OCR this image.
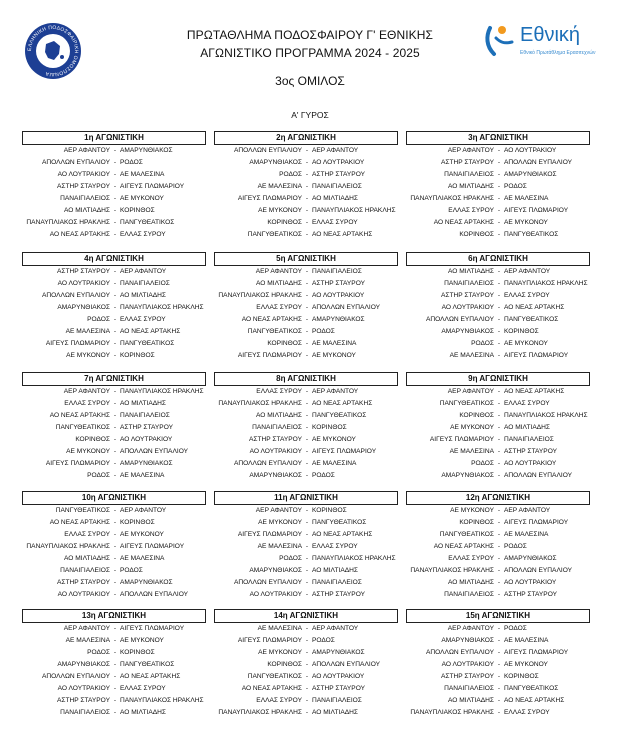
ΕΛΛΗΝΙΚΗ ΠΟΔΟΣΦΑΙΡΙΚΗ ΟΜΟΣΠΟΝΔΙΑ
ΠΡΩΤΑΘΛΗΜΑ ΠΟΔΟΣΦΑΙΡΟΥ Γ' ΕΘΝΙΚΗΣ
ΑΓΩΝΙΣΤΙΚΟ ΠΡΟΓΡΑΜΜΑ 2024 - 2025
Εθνική
Εθνικό Πρωτάθλημα Ερασιτεχνών
3ος ΟΜΙΛΟΣ
Α' ΓΥΡΟΣ
1η ΑΓΩΝΙΣΤΙΚΗ
ΑΕΡ ΑΦΑΝΤΟΥ - ΑΜΑΡΥΝΘΙΑΚΟΣ
ΑΠΟΛΛΩΝ ΕΥΠΑΛΙΟΥ - ΡΟΔΟΣ
ΑΟ ΛΟΥΤΡΑΚΙΟΥ - ΑΕ ΜΑΛΕΣΙΝΑ
ΑΣΤΗΡ ΣΤΑΥΡΟΥ - ΑΙΓΕΥΣ ΠΛΩΜΑΡΙΟΥ
ΠΑΝΑΙΓΙΑΛΕΙΟΣ - ΑΕ ΜΥΚΟΝΟΥ
ΑΟ ΜΙΛΤΙΑΔΗΣ - ΚΟΡΙΝΘΟΣ
ΠΑΝΑΥΠΛΙΑΚΟΣ ΗΡΑΚΛΗΣ - ΠΑΝΓΥΘΕΑΤΙΚΟΣ
ΑΟ ΝΕΑΣ ΑΡΤΑΚΗΣ - ΕΛΛΑΣ ΣΥΡΟΥ
2η ΑΓΩΝΙΣΤΙΚΗ
ΑΠΟΛΛΩΝ ΕΥΠΑΛΙΟΥ - ΑΕΡ ΑΦΑΝΤΟΥ
ΑΜΑΡΥΝΘΙΑΚΟΣ - ΑΟ ΛΟΥΤΡΑΚΙΟΥ
ΡΟΔΟΣ - ΑΣΤΗΡ ΣΤΑΥΡΟΥ
ΑΕ ΜΑΛΕΣΙΝΑ - ΠΑΝΑΙΓΙΑΛΕΙΟΣ
ΑΙΓΕΥΣ ΠΛΩΜΑΡΙΟΥ - ΑΟ ΜΙΛΤΙΑΔΗΣ
ΑΕ ΜΥΚΟΝΟΥ - ΠΑΝΑΥΠΛΙΑΚΟΣ ΗΡΑΚΛΗΣ
ΚΟΡΙΝΘΟΣ - ΕΛΛΑΣ ΣΥΡΟΥ
ΠΑΝΓΥΘΕΑΤΙΚΟΣ - ΑΟ ΝΕΑΣ ΑΡΤΑΚΗΣ
3η ΑΓΩΝΙΣΤΙΚΗ
ΑΕΡ ΑΦΑΝΤΟΥ - ΑΟ ΛΟΥΤΡΑΚΙΟΥ
ΑΣΤΗΡ ΣΤΑΥΡΟΥ - ΑΠΟΛΛΩΝ ΕΥΠΑΛΙΟΥ
ΠΑΝΑΙΓΙΑΛΕΙΟΣ - ΑΜΑΡΥΝΘΙΑΚΟΣ
ΑΟ ΜΙΛΤΙΑΔΗΣ - ΡΟΔΟΣ
ΠΑΝΑΥΠΛΙΑΚΟΣ ΗΡΑΚΛΗΣ - ΑΕ ΜΑΛΕΣΙΝΑ
ΕΛΛΑΣ ΣΥΡΟΥ - ΑΙΓΕΥΣ ΠΛΩΜΑΡΙΟΥ
ΑΟ ΝΕΑΣ ΑΡΤΑΚΗΣ - ΑΕ ΜΥΚΟΝΟΥ
ΚΟΡΙΝΘΟΣ - ΠΑΝΓΥΘΕΑΤΙΚΟΣ
4η ΑΓΩΝΙΣΤΙΚΗ
ΑΣΤΗΡ ΣΤΑΥΡΟΥ - ΑΕΡ ΑΦΑΝΤΟΥ
ΑΟ ΛΟΥΤΡΑΚΙΟΥ - ΠΑΝΑΙΓΙΑΛΕΙΟΣ
ΑΠΟΛΛΩΝ ΕΥΠΑΛΙΟΥ - ΑΟ ΜΙΛΤΙΑΔΗΣ
ΑΜΑΡΥΝΘΙΑΚΟΣ - ΠΑΝΑΥΠΛΙΑΚΟΣ ΗΡΑΚΛΗΣ
ΡΟΔΟΣ - ΕΛΛΑΣ ΣΥΡΟΥ
ΑΕ ΜΑΛΕΣΙΝΑ - ΑΟ ΝΕΑΣ ΑΡΤΑΚΗΣ
ΑΙΓΕΥΣ ΠΛΩΜΑΡΙΟΥ - ΠΑΝΓΥΘΕΑΤΙΚΟΣ
ΑΕ ΜΥΚΟΝΟΥ - ΚΟΡΙΝΘΟΣ
5η ΑΓΩΝΙΣΤΙΚΗ
ΑΕΡ ΑΦΑΝΤΟΥ - ΠΑΝΑΙΓΙΑΛΕΙΟΣ
ΑΟ ΜΙΛΤΙΑΔΗΣ - ΑΣΤΗΡ ΣΤΑΥΡΟΥ
ΠΑΝΑΥΠΛΙΑΚΟΣ ΗΡΑΚΛΗΣ - ΑΟ ΛΟΥΤΡΑΚΙΟΥ
ΕΛΛΑΣ ΣΥΡΟΥ - ΑΠΟΛΛΩΝ ΕΥΠΑΛΙΟΥ
ΑΟ ΝΕΑΣ ΑΡΤΑΚΗΣ - ΑΜΑΡΥΝΘΙΑΚΟΣ
ΠΑΝΓΥΘΕΑΤΙΚΟΣ - ΡΟΔΟΣ
ΚΟΡΙΝΘΟΣ - ΑΕ ΜΑΛΕΣΙΝΑ
ΑΙΓΕΥΣ ΠΛΩΜΑΡΙΟΥ - ΑΕ ΜΥΚΟΝΟΥ
6η ΑΓΩΝΙΣΤΙΚΗ
ΑΟ ΜΙΛΤΙΑΔΗΣ - ΑΕΡ ΑΦΑΝΤΟΥ
ΠΑΝΑΙΓΙΑΛΕΙΟΣ - ΠΑΝΑΥΠΛΙΑΚΟΣ ΗΡΑΚΛΗΣ
ΑΣΤΗΡ ΣΤΑΥΡΟΥ - ΕΛΛΑΣ ΣΥΡΟΥ
ΑΟ ΛΟΥΤΡΑΚΙΟΥ - ΑΟ ΝΕΑΣ ΑΡΤΑΚΗΣ
ΑΠΟΛΛΩΝ ΕΥΠΑΛΙΟΥ - ΠΑΝΓΥΘΕΑΤΙΚΟΣ
ΑΜΑΡΥΝΘΙΑΚΟΣ - ΚΟΡΙΝΘΟΣ
ΡΟΔΟΣ - ΑΕ ΜΥΚΟΝΟΥ
ΑΕ ΜΑΛΕΣΙΝΑ - ΑΙΓΕΥΣ ΠΛΩΜΑΡΙΟΥ
7η ΑΓΩΝΙΣΤΙΚΗ
ΑΕΡ ΑΦΑΝΤΟΥ - ΠΑΝΑΥΠΛΙΑΚΟΣ ΗΡΑΚΛΗΣ
ΕΛΛΑΣ ΣΥΡΟΥ - ΑΟ ΜΙΛΤΙΑΔΗΣ
ΑΟ ΝΕΑΣ ΑΡΤΑΚΗΣ - ΠΑΝΑΙΓΙΑΛΕΙΟΣ
ΠΑΝΓΥΘΕΑΤΙΚΟΣ - ΑΣΤΗΡ ΣΤΑΥΡΟΥ
ΚΟΡΙΝΘΟΣ - ΑΟ ΛΟΥΤΡΑΚΙΟΥ
ΑΕ ΜΥΚΟΝΟΥ - ΑΠΟΛΛΩΝ ΕΥΠΑΛΙΟΥ
ΑΙΓΕΥΣ ΠΛΩΜΑΡΙΟΥ - ΑΜΑΡΥΝΘΙΑΚΟΣ
ΡΟΔΟΣ - ΑΕ ΜΑΛΕΣΙΝΑ
8η ΑΓΩΝΙΣΤΙΚΗ
ΕΛΛΑΣ ΣΥΡΟΥ - ΑΕΡ ΑΦΑΝΤΟΥ
ΠΑΝΑΥΠΛΙΑΚΟΣ ΗΡΑΚΛΗΣ - ΑΟ ΝΕΑΣ ΑΡΤΑΚΗΣ
ΑΟ ΜΙΛΤΙΑΔΗΣ - ΠΑΝΓΥΘΕΑΤΙΚΟΣ
ΠΑΝΑΙΓΙΑΛΕΙΟΣ - ΚΟΡΙΝΘΟΣ
ΑΣΤΗΡ ΣΤΑΥΡΟΥ - ΑΕ ΜΥΚΟΝΟΥ
ΑΟ ΛΟΥΤΡΑΚΙΟΥ - ΑΙΓΕΥΣ ΠΛΩΜΑΡΙΟΥ
ΑΠΟΛΛΩΝ ΕΥΠΑΛΙΟΥ - ΑΕ ΜΑΛΕΣΙΝΑ
ΑΜΑΡΥΝΘΙΑΚΟΣ - ΡΟΔΟΣ
9η ΑΓΩΝΙΣΤΙΚΗ
ΑΕΡ ΑΦΑΝΤΟΥ - ΑΟ ΝΕΑΣ ΑΡΤΑΚΗΣ
ΠΑΝΓΥΘΕΑΤΙΚΟΣ - ΕΛΛΑΣ ΣΥΡΟΥ
ΚΟΡΙΝΘΟΣ - ΠΑΝΑΥΠΛΙΑΚΟΣ ΗΡΑΚΛΗΣ
ΑΕ ΜΥΚΟΝΟΥ - ΑΟ ΜΙΛΤΙΑΔΗΣ
ΑΙΓΕΥΣ ΠΛΩΜΑΡΙΟΥ - ΠΑΝΑΙΓΙΑΛΕΙΟΣ
ΑΕ ΜΑΛΕΣΙΝΑ - ΑΣΤΗΡ ΣΤΑΥΡΟΥ
ΡΟΔΟΣ - ΑΟ ΛΟΥΤΡΑΚΙΟΥ
ΑΜΑΡΥΝΘΙΑΚΟΣ - ΑΠΟΛΛΩΝ ΕΥΠΑΛΙΟΥ
10η ΑΓΩΝΙΣΤΙΚΗ
ΠΑΝΓΥΘΕΑΤΙΚΟΣ - ΑΕΡ ΑΦΑΝΤΟΥ
ΑΟ ΝΕΑΣ ΑΡΤΑΚΗΣ - ΚΟΡΙΝΘΟΣ
ΕΛΛΑΣ ΣΥΡΟΥ - ΑΕ ΜΥΚΟΝΟΥ
ΠΑΝΑΥΠΛΙΑΚΟΣ ΗΡΑΚΛΗΣ - ΑΙΓΕΥΣ ΠΛΩΜΑΡΙΟΥ
ΑΟ ΜΙΛΤΙΑΔΗΣ - ΑΕ ΜΑΛΕΣΙΝΑ
ΠΑΝΑΙΓΙΑΛΕΙΟΣ - ΡΟΔΟΣ
ΑΣΤΗΡ ΣΤΑΥΡΟΥ - ΑΜΑΡΥΝΘΙΑΚΟΣ
ΑΟ ΛΟΥΤΡΑΚΙΟΥ - ΑΠΟΛΛΩΝ ΕΥΠΑΛΙΟΥ
11η ΑΓΩΝΙΣΤΙΚΗ
ΑΕΡ ΑΦΑΝΤΟΥ - ΚΟΡΙΝΘΟΣ
ΑΕ ΜΥΚΟΝΟΥ - ΠΑΝΓΥΘΕΑΤΙΚΟΣ
ΑΙΓΕΥΣ ΠΛΩΜΑΡΙΟΥ - ΑΟ ΝΕΑΣ ΑΡΤΑΚΗΣ
ΑΕ ΜΑΛΕΣΙΝΑ - ΕΛΛΑΣ ΣΥΡΟΥ
ΡΟΔΟΣ - ΠΑΝΑΥΠΛΙΑΚΟΣ ΗΡΑΚΛΗΣ
ΑΜΑΡΥΝΘΙΑΚΟΣ - ΑΟ ΜΙΛΤΙΑΔΗΣ
ΑΠΟΛΛΩΝ ΕΥΠΑΛΙΟΥ - ΠΑΝΑΙΓΙΑΛΕΙΟΣ
ΑΟ ΛΟΥΤΡΑΚΙΟΥ - ΑΣΤΗΡ ΣΤΑΥΡΟΥ
12η ΑΓΩΝΙΣΤΙΚΗ
ΑΕ ΜΥΚΟΝΟΥ - ΑΕΡ ΑΦΑΝΤΟΥ
ΚΟΡΙΝΘΟΣ - ΑΙΓΕΥΣ ΠΛΩΜΑΡΙΟΥ
ΠΑΝΓΥΘΕΑΤΙΚΟΣ - ΑΕ ΜΑΛΕΣΙΝΑ
ΑΟ ΝΕΑΣ ΑΡΤΑΚΗΣ - ΡΟΔΟΣ
ΕΛΛΑΣ ΣΥΡΟΥ - ΑΜΑΡΥΝΘΙΑΚΟΣ
ΠΑΝΑΥΠΛΙΑΚΟΣ ΗΡΑΚΛΗΣ - ΑΠΟΛΛΩΝ ΕΥΠΑΛΙΟΥ
ΑΟ ΜΙΛΤΙΑΔΗΣ - ΑΟ ΛΟΥΤΡΑΚΙΟΥ
ΠΑΝΑΙΓΙΑΛΕΙΟΣ - ΑΣΤΗΡ ΣΤΑΥΡΟΥ
13η ΑΓΩΝΙΣΤΙΚΗ
ΑΕΡ ΑΦΑΝΤΟΥ - ΑΙΓΕΥΣ ΠΛΩΜΑΡΙΟΥ
ΑΕ ΜΑΛΕΣΙΝΑ - ΑΕ ΜΥΚΟΝΟΥ
ΡΟΔΟΣ - ΚΟΡΙΝΘΟΣ
ΑΜΑΡΥΝΘΙΑΚΟΣ - ΠΑΝΓΥΘΕΑΤΙΚΟΣ
ΑΠΟΛΛΩΝ ΕΥΠΑΛΙΟΥ - ΑΟ ΝΕΑΣ ΑΡΤΑΚΗΣ
ΑΟ ΛΟΥΤΡΑΚΙΟΥ - ΕΛΛΑΣ ΣΥΡΟΥ
ΑΣΤΗΡ ΣΤΑΥΡΟΥ - ΠΑΝΑΥΠΛΙΑΚΟΣ ΗΡΑΚΛΗΣ
ΠΑΝΑΙΓΙΑΛΕΙΟΣ - ΑΟ ΜΙΛΤΙΑΔΗΣ
14η ΑΓΩΝΙΣΤΙΚΗ
ΑΕ ΜΑΛΕΣΙΝΑ - ΑΕΡ ΑΦΑΝΤΟΥ
ΑΙΓΕΥΣ ΠΛΩΜΑΡΙΟΥ - ΡΟΔΟΣ
ΑΕ ΜΥΚΟΝΟΥ - ΑΜΑΡΥΝΘΙΑΚΟΣ
ΚΟΡΙΝΘΟΣ - ΑΠΟΛΛΩΝ ΕΥΠΑΛΙΟΥ
ΠΑΝΓΥΘΕΑΤΙΚΟΣ - ΑΟ ΛΟΥΤΡΑΚΙΟΥ
ΑΟ ΝΕΑΣ ΑΡΤΑΚΗΣ - ΑΣΤΗΡ ΣΤΑΥΡΟΥ
ΕΛΛΑΣ ΣΥΡΟΥ - ΠΑΝΑΙΓΙΑΛΕΙΟΣ
ΠΑΝΑΥΠΛΙΑΚΟΣ ΗΡΑΚΛΗΣ - ΑΟ ΜΙΛΤΙΑΔΗΣ
15η ΑΓΩΝΙΣΤΙΚΗ
ΑΕΡ ΑΦΑΝΤΟΥ - ΡΟΔΟΣ
ΑΜΑΡΥΝΘΙΑΚΟΣ - ΑΕ ΜΑΛΕΣΙΝΑ
ΑΠΟΛΛΩΝ ΕΥΠΑΛΙΟΥ - ΑΙΓΕΥΣ ΠΛΩΜΑΡΙΟΥ
ΑΟ ΛΟΥΤΡΑΚΙΟΥ - ΑΕ ΜΥΚΟΝΟΥ
ΑΣΤΗΡ ΣΤΑΥΡΟΥ - ΚΟΡΙΝΘΟΣ
ΠΑΝΑΙΓΙΑΛΕΙΟΣ - ΠΑΝΓΥΘΕΑΤΙΚΟΣ
ΑΟ ΜΙΛΤΙΑΔΗΣ - ΑΟ ΝΕΑΣ ΑΡΤΑΚΗΣ
ΠΑΝΑΥΠΛΙΑΚΟΣ ΗΡΑΚΛΗΣ - ΕΛΛΑΣ ΣΥΡΟΥ
